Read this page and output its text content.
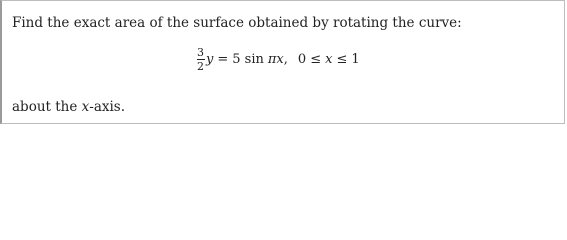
Find the exact area of the surface obtained by rotating the curve:
$\frac{3}{2}$ y = 5 sin π x , 0 ≤ x ≤ 1
about the x-axis.
